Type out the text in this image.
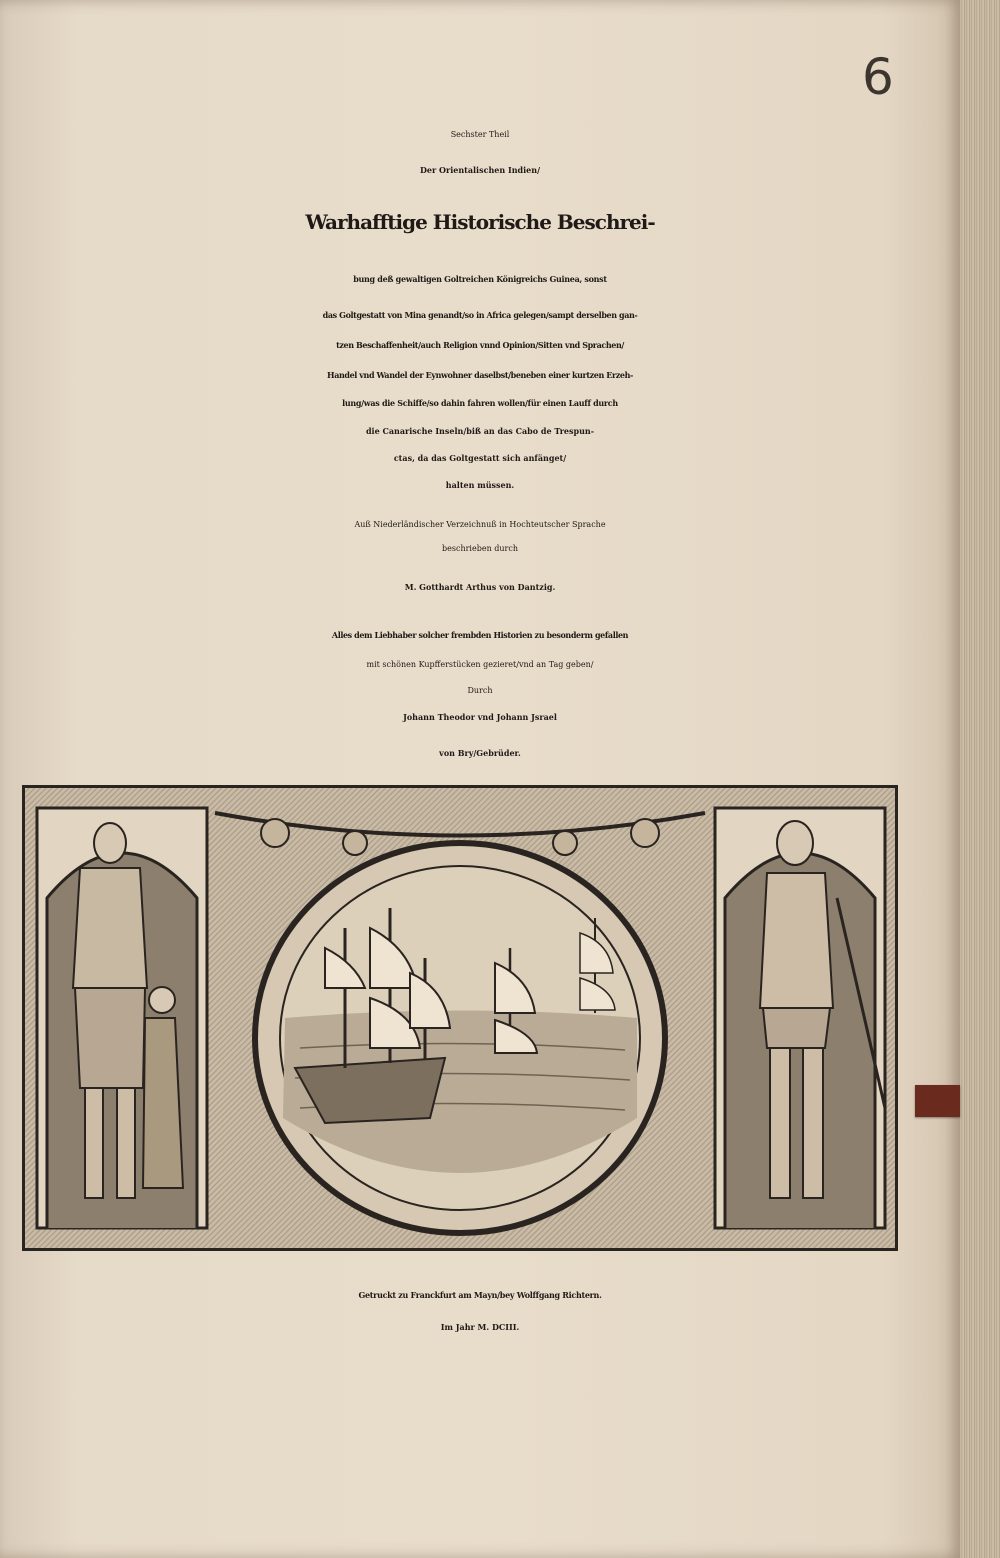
6
Sechster Theil
Der Orientalischen Indien/
Warhafftige Historische Beschrei-
bung deß gewaltigen Goltreichen Königreichs Guinea, sonst
das Goltgestatt von Mina genandt/so in Africa gelegen/sampt derselben gan-
tzen Beschaffenheit/auch Religion vnnd Opinion/Sitten vnd Sprachen/
Handel vnd Wandel der Eynwohner daselbst/beneben einer kurtzen Erzeh-
lung/was die Schiffe/so dahin fahren wollen/für einen Lauff durch
die Canarische Inseln/biß an das Cabo de Trespun-
ctas, da das Goltgestatt sich anfänget/
halten müssen.
Auß Niederländischer Verzeichnuß in Hochteutscher Sprache
beschrieben durch
M. Gotthardt Arthus von Dantzig.
Alles dem Liebhaber solcher frembden Historien zu besonderm gefallen
mit schönen Kupfferstücken gezieret/vnd an Tag geben/
Durch
Johann Theodor vnd Johann Jsrael
von Bry/Gebrüder.
Getruckt zu Franckfurt am Mayn/bey Wolffgang Richtern.
Im Jahr M. DCIII.
